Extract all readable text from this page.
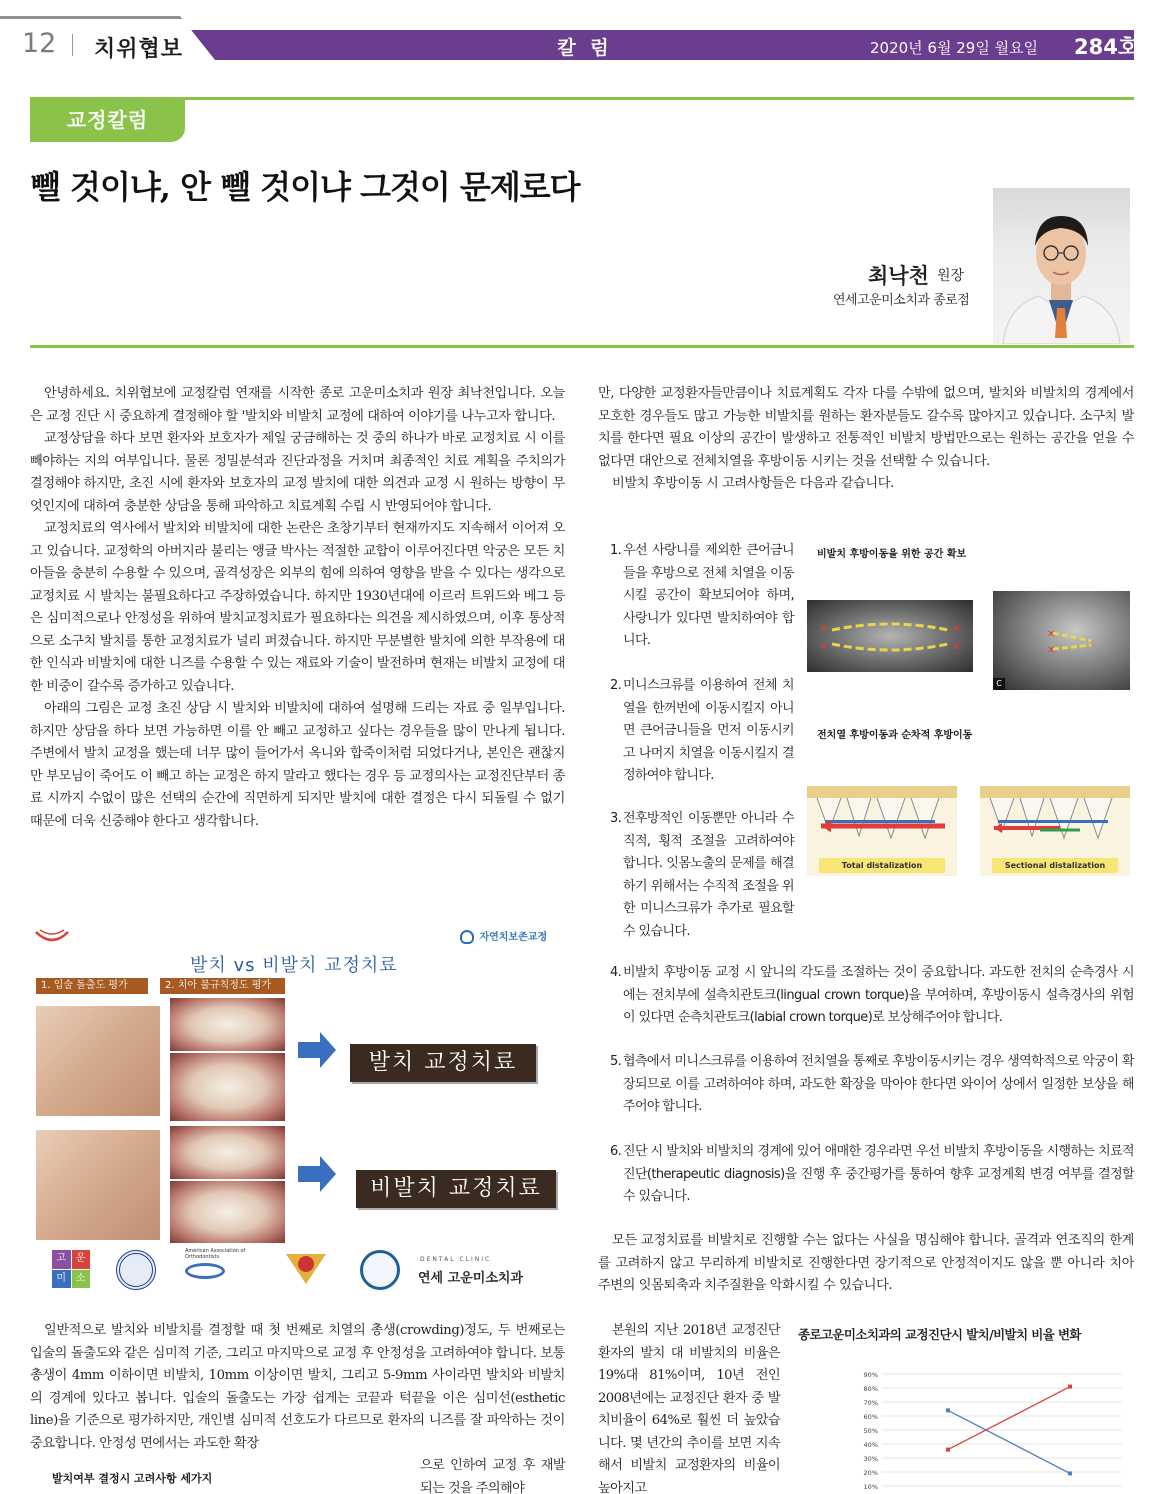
12 치위협보	칼 럼	2020년 6월 29일 월요일 284호
교정칼럼
뺄 것이냐, 안 뺄 것이냐 그것이 문제로다
최낙천 원장
연세고운미소치과 종로점

안녕하세요. 치위협보에 교정칼럼 연재를 시작한 종로 고운미소치과 원장 최낙천입니다. 오늘은 교정 진단 시 중요하게 결정해야 할 '발치와 비발치 교정에 대하여 이야기를 나누고자 합니다.

교정상담을 하다 보면 환자와 보호자가 제일 궁금해하는 것 중의 하나가 바로 교정치료 시 이를 빼야하는 지의 여부입니다. 물론 정밀분석과 진단과정을 거치며 최종적인 치료 계획을 주치의가 결정해야 하지만, 초진 시에 환자와 보호자의 교정 발치에 대한 의견과 교정 시 원하는 방향이 무엇인지에 대하여 충분한 상담을 통해 파악하고 치료계획 수립 시 반영되어야 합니다.

교정치료의 역사에서 발치와 비발치에 대한 논란은 초창기부터 현재까지도 지속해서 이어져 오고 있습니다. 교정학의 아버지라 불리는 앵글 박사는 적절한 교합이 이루어진다면 악궁은 모든 치아들을 충분히 수용할 수 있으며, 골격성장은 외부의 힘에 의하여 영향을 받을 수 있다는 생각으로 교정치료 시 발치는 불필요하다고 주장하였습니다. 하지만 1930년대에 이르러 트위드와 베그 등은 심미적으로나 안정성을 위하여 발치교정치료가 필요하다는 의견을 제시하였으며, 이후 통상적으로 소구치 발치를 통한 교정치료가 널리 퍼졌습니다. 하지만 무분별한 발치에 의한 부작용에 대한 인식과 비발치에 대한 니즈를 수용할 수 있는 재료와 기술이 발전하며 현재는 비발치 교정에 대한 비중이 갈수록 증가하고 있습니다.

아래의 그림은 교정 초진 상담 시 발치와 비발치에 대하여 설명해 드리는 자료 중 일부입니다. 하지만 상담을 하다 보면 가능하면 이를 안 빼고 교정하고 싶다는 경우들을 많이 만나게 됩니다. 주변에서 발치 교정을 했는데 너무 많이 들어가서 옥니와 합죽이처럼 되었다거나, 본인은 괜찮지만 부모님이 죽어도 이 빼고 하는 교정은 하지 말라고 했다는 경우 등 교정의사는 교정진단부터 종료 시까지 수없이 많은 선택의 순간에 직면하게 되지만 발치에 대한 결정은 다시 되돌릴 수 없기 때문에 더욱 신중해야 한다고 생각합니다.

만, 다양한 교정환자들만큼이나 치료계획도 각자 다를 수밖에 없으며, 발치와 비발치의 경계에서 모호한 경우들도 많고 가능한 비발치를 원하는 환자분들도 갈수록 많아지고 있습니다. 소구치 발치를 한다면 필요 이상의 공간이 발생하고 전통적인 비발치 방법만으로는 원하는 공간을 얻을 수 없다면 대안으로 전체치열을 후방이동 시키는 것을 선택할 수 있습니다.

비발치 후방이동 시 고려사항들은 다음과 같습니다.

1. 우선 사랑니를 제외한 큰어금니들을 후방으로 전체 치열을 이동시킬 공간이 확보되어야 하며, 사랑니가 있다면 발치하여야 합니다.
2. 미니스크류를 이용하여 전체 치열을 한꺼번에 이동시킬지 아니면 큰어금니들을 먼저 이동시키고 나머지 치열을 이동시킬지 결정하여야 합니다.
3. 전후방적인 이동뿐만 아니라 수직적, 횡적 조절을 고려하여야 합니다. 잇몸노출의 문제를 해결하기 위해서는 수직적 조절을 위한 미니스크류가 추가로 필요할 수 있습니다.
비발치 후방이동을 위한 공간 확보
✕
✕
✕
✕
✕
✕
C
전치열 후방이동과 순차적 후방이동
Total distalization	Sectional distalization
4. 비발치 후방이동 교정 시 앞니의 각도를 조절하는 것이 중요합니다. 과도한 전치의 순측경사 시에는 전치부에 설측치관토크(lingual crown torque)을 부여하며, 후방이동시 설측경사의 위험이 있다면 순측치관토크(labial crown torque)로 보상해주어야 합니다.
5. 협측에서 미니스크류를 이용하여 전치열을 통째로 후방이동시키는 경우 생역학적으로 악궁이 확장되므로 이를 고려하여야 하며, 과도한 확장을 막아야 한다면 와이어 상에서 일정한 보상을 해주어야 합니다.
6. 진단 시 발치와 비발치의 경계에 있어 애매한 경우라면 우선 비발치 후방이동을 시행하는 치료적 진단(therapeutic diagnosis)을 진행 후 중간평가를 통하여 향후 교정계획 변경 여부를 결정할 수 있습니다.

모든 교정치료를 비발치로 진행할 수는 없다는 사실을 명심해야 합니다. 골격과 연조직의 한계를 고려하지 않고 무리하게 비발치로 진행한다면 장기적으로 안정적이지도 않을 뿐 아니라 치아 주변의 잇몸퇴축과 치주질환을 악화시킬 수 있습니다.

자연치보존교정
발치 vs 비발치 교정치료
1. 입술 돌출도 평가	2. 치아 불규칙정도 평가
발치 교정치료
비발치 교정치료
고 운
미 소
American Association of Orthodontists	DENTAL CLINIC
연세 고운미소치과

일반적으로 발치와 비발치를 결정할 때 첫 번째로 치열의 총생(crowding)정도, 두 번째로는 입술의 돌출도와 같은 심미적 기준, 그리고 마지막으로 교정 후 안정성을 고려하여야 합니다. 보통 총생이 4mm 이하이면 비발치, 10mm 이상이면 발치, 그리고 5-9mm 사이라면 발치와 비발치의 경계에 있다고 봅니다. 입술의 돌출도는 가장 쉽게는 코끝과 턱끝을 이은 심미선(esthetic line)을 기준으로 평가하지만, 개인별 심미적 선호도가 다르므로 환자의 니즈를 잘 파악하는 것이 중요합니다. 안정성 면에서는 과도한 확장

으로 인하여 교정 후 재발되는 것을 주의해야

발치여부 결정시 고려사항 세가지

본원의 지난 2018년 교정진단 환자의 발치 대 비발치의 비율은 19%대 81%이며, 10년 전인 2008년에는 교정진단 환자 중 발치비율이 64%로 훨씬 더 높았습니다. 몇 년간의 추이를 보면 지속해서 비발치 교정환자의 비율이 높아지고

종로고운미소치과의 교정진단시 발치/비발치 비율 변화
90%
80%
70%
60%
50%
40%
30%
20%
10%
